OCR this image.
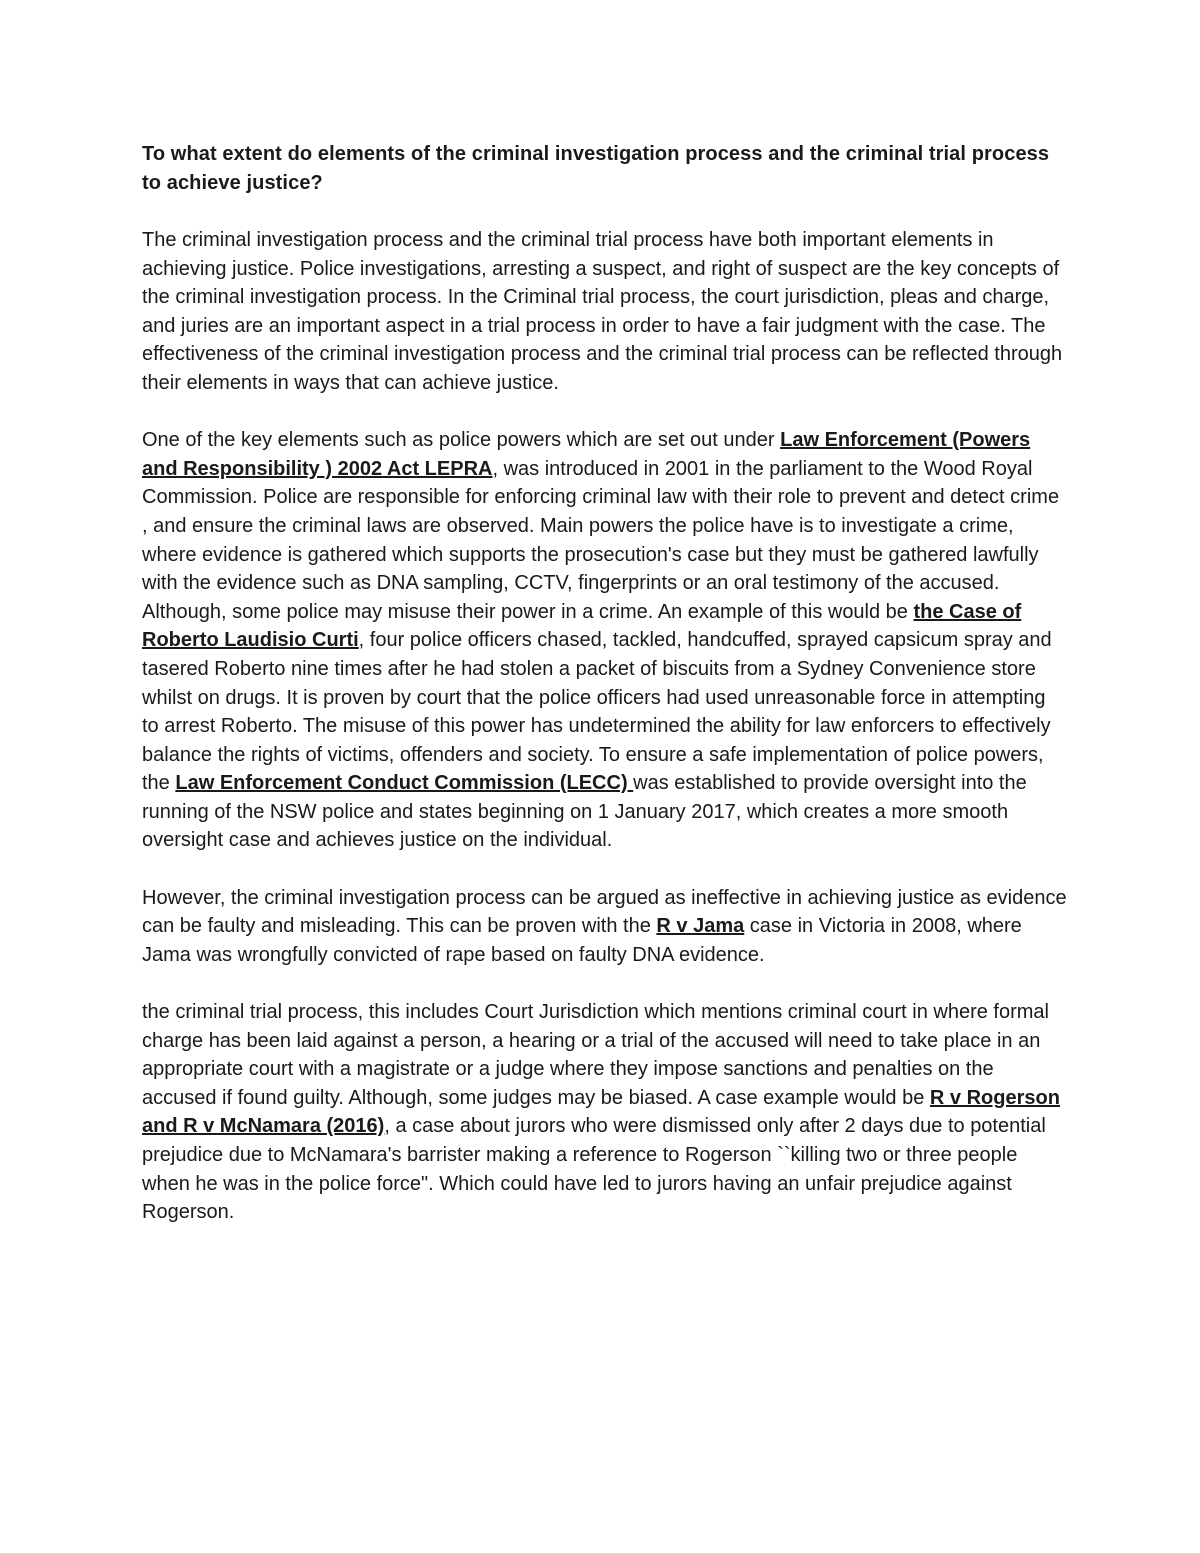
To what extent do elements of the criminal investigation process and the criminal trial process to achieve justice?

The criminal investigation process and the criminal trial process have both important elements in achieving justice. Police investigations, arresting a suspect, and right of suspect are the key concepts of the criminal investigation process. In the Criminal trial process, the court jurisdiction, pleas and charge, and juries are an important aspect in a trial process in order to have a fair judgment with the case. The effectiveness of the criminal investigation process and the criminal trial process can be reflected through their elements in ways that can achieve justice.

One of the key elements such as police powers which are set out under Law Enforcement (Powers and Responsibility ) 2002 Act LEPRA, was introduced in 2001 in the parliament to the Wood Royal Commission. Police are responsible for enforcing criminal law with their role to prevent and detect crime , and ensure the criminal laws are observed. Main powers the police have is to investigate a crime, where evidence is gathered which supports the prosecution's case but they must be gathered lawfully with the evidence such as DNA sampling, CCTV, fingerprints or an oral testimony of the accused. Although, some police may misuse their power in a crime. An example of this would be the Case of Roberto Laudisio Curti, four police officers chased, tackled, handcuffed, sprayed capsicum spray and tasered Roberto nine times after he had stolen a packet of biscuits from a Sydney Convenience store whilst on drugs. It is proven by court that the police officers had used unreasonable force in attempting to arrest Roberto. The misuse of this power has undetermined the ability for law enforcers to effectively balance the rights of victims, offenders and society. To ensure a safe implementation of police powers, the Law Enforcement Conduct Commission (LECC) was established to provide oversight into the running of the NSW police and states beginning on 1 January 2017, which creates a more smooth oversight case and achieves justice on the individual.

However, the criminal investigation process can be argued as ineffective in achieving justice as evidence can be faulty and misleading. This can be proven with the R v Jama case in Victoria in 2008, where Jama was wrongfully convicted of rape based on faulty DNA evidence.

the criminal trial process, this includes Court Jurisdiction which mentions criminal court in where formal charge has been laid against a person, a hearing or a trial of the accused will need to take place in an appropriate court with a magistrate or a judge where they impose sanctions and penalties on the accused if found guilty. Although, some judges may be biased. A case example would be R v Rogerson and R v McNamara (2016), a case about jurors who were dismissed only after 2 days due to potential prejudice due to McNamara's barrister making a reference to Rogerson ``killing two or three people when he was in the police force". Which could have led to jurors having an unfair prejudice against Rogerson.
